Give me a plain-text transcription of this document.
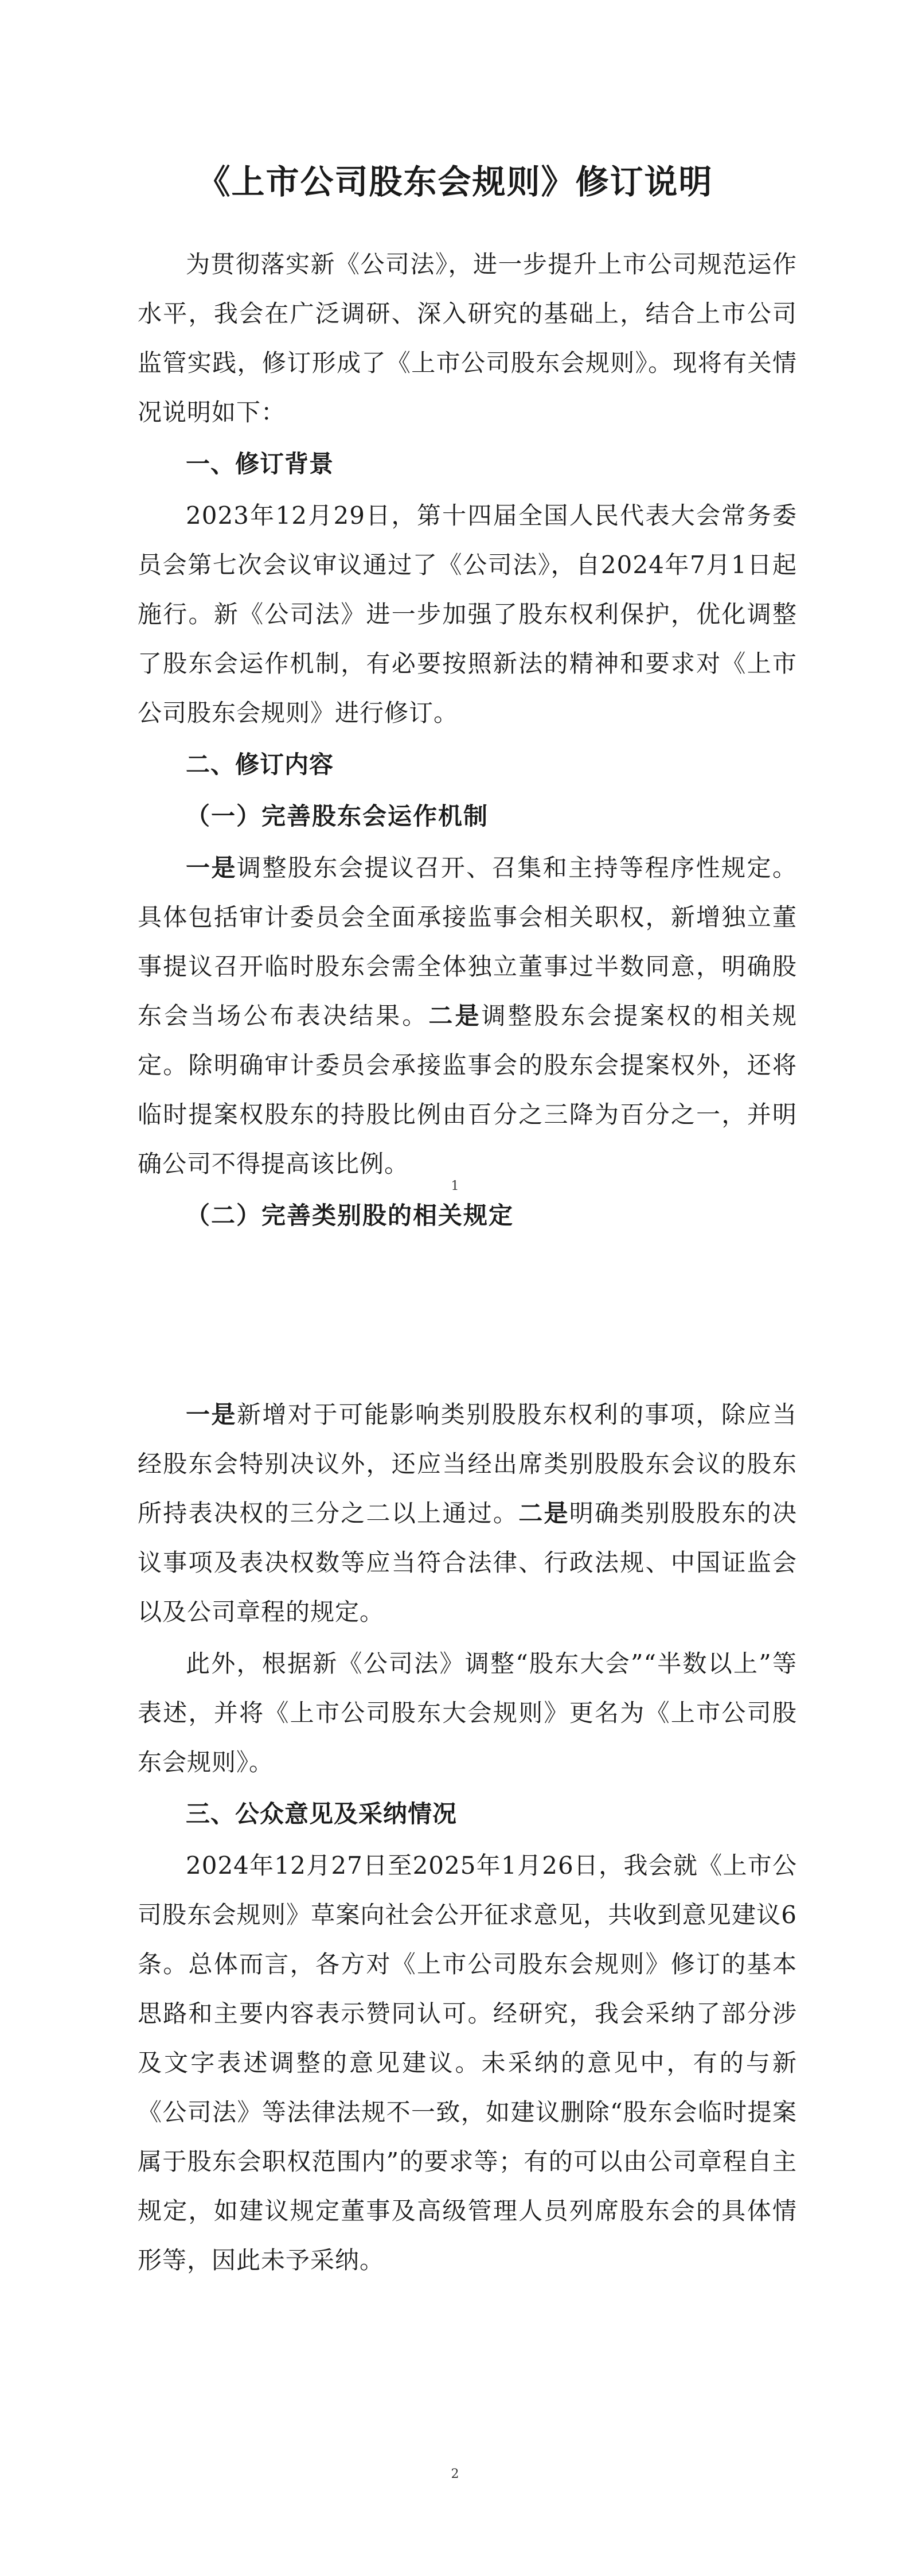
《上市公司股东会规则》修订说明

为贯彻落实新《公司法》，进一步提升上市公司规范运作水平，我会在广泛调研、深入研究的基础上，结合上市公司监管实践，修订形成了《上市公司股东会规则》。现将有关情况说明如下：

一、修订背景

2023年12月29日，第十四届全国人民代表大会常务委员会第七次会议审议通过了《公司法》，自2024年7月1日起施行。新《公司法》进一步加强了股东权利保护，优化调整了股东会运作机制，有必要按照新法的精神和要求对《上市公司股东会规则》进行修订。

二、修订内容

（一）完善股东会运作机制

一是调整股东会提议召开、召集和主持等程序性规定。具体包括审计委员会全面承接监事会相关职权，新增独立董事提议召开临时股东会需全体独立董事过半数同意，明确股东会当场公布表决结果。二是调整股东会提案权的相关规定。除明确审计委员会承接监事会的股东会提案权外，还将临时提案权股东的持股比例由百分之三降为百分之一，并明确公司不得提高该比例。

（二）完善类别股的相关规定

1

一是新增对于可能影响类别股股东权利的事项，除应当经股东会特别决议外，还应当经出席类别股股东会议的股东所持表决权的三分之二以上通过。二是明确类别股股东的决议事项及表决权数等应当符合法律、行政法规、中国证监会以及公司章程的规定。

此外，根据新《公司法》调整“股东大会”“半数以上”等表述，并将《上市公司股东大会规则》更名为《上市公司股东会规则》。

三、公众意见及采纳情况

2024年12月27日至2025年1月26日，我会就《上市公司股东会规则》草案向社会公开征求意见，共收到意见建议6条。总体而言，各方对《上市公司股东会规则》修订的基本思路和主要内容表示赞同认可。经研究，我会采纳了部分涉及文字表述调整的意见建议。未采纳的意见中，有的与新《公司法》等法律法规不一致，如建议删除“股东会临时提案属于股东会职权范围内”的要求等；有的可以由公司章程自主规定，如建议规定董事及高级管理人员列席股东会的具体情形等，因此未予采纳。

2
